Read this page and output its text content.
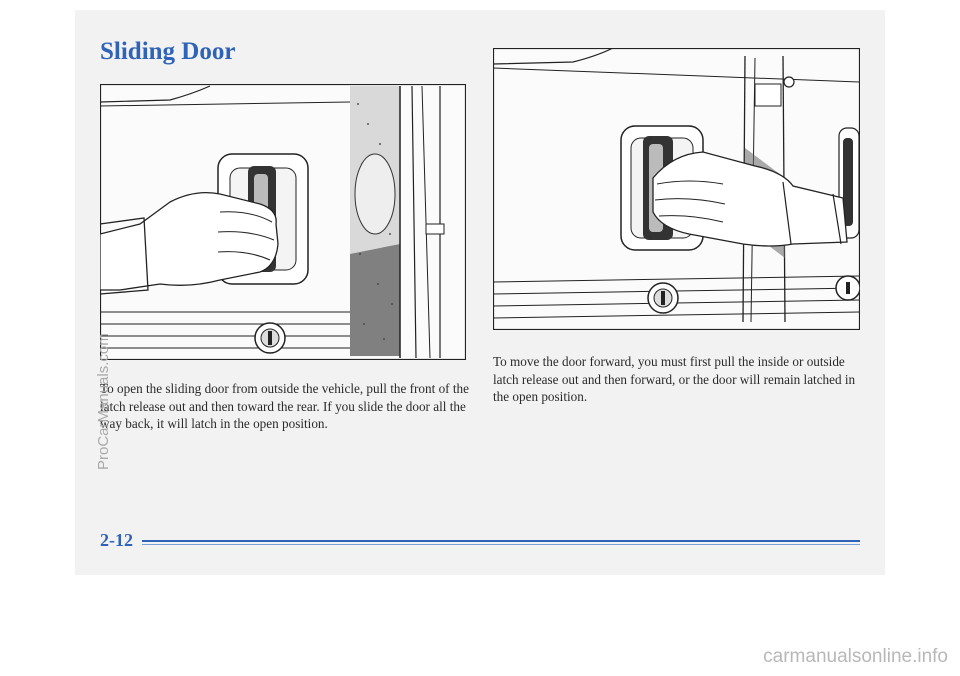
Sliding Door

To open the sliding door from outside the vehicle, pull the front of the latch release out and then toward the rear. If you slide the door all the way back, it will latch in the open position.

To move the door forward, you must first pull the inside or outside latch release out and then forward, or the door will remain latched in the open position.

2-12
ProCarManuals.com
carmanualsonline.info
